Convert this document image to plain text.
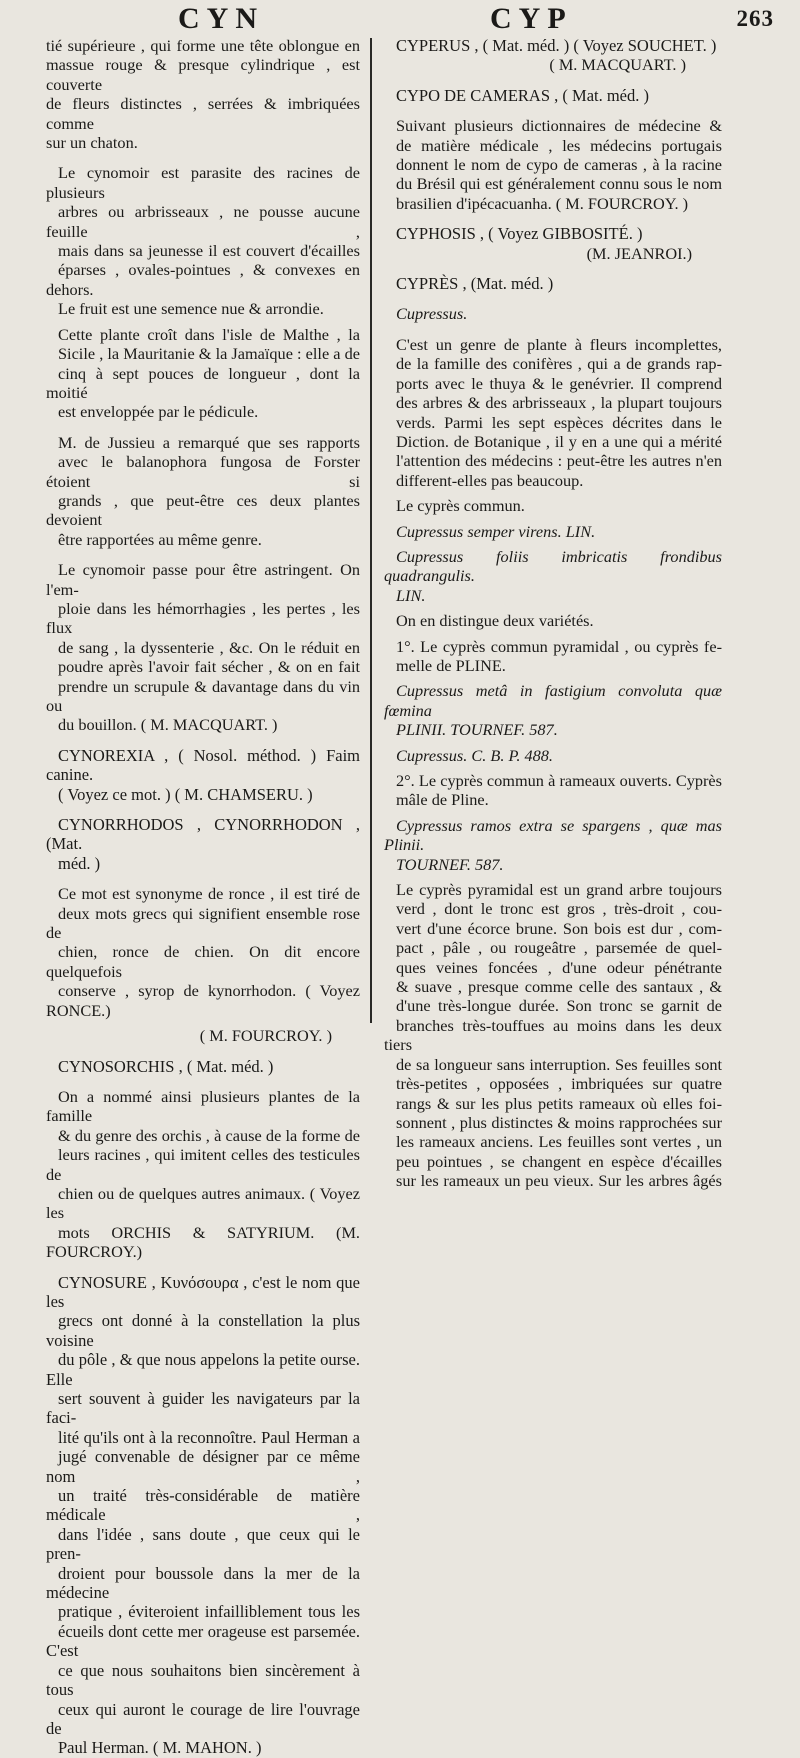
CYN	CYP	263

tié supérieure , qui forme une tête oblongue en
massue rouge & presque cylindrique , est couverte
de fleurs distinctes , serrées & imbriquées comme
sur un chaton.

Le cynomoir est parasite des racines de plusieurs
arbres ou arbrisseaux , ne pousse aucune feuille ,
mais dans sa jeunesse il est couvert d'écailles
éparses , ovales-pointues , & convexes en dehors.
Le fruit est une semence nue & arrondie.

Cette plante croît dans l'isle de Malthe , la
Sicile , la Mauritanie & la Jamaïque : elle a de
cinq à sept pouces de longueur , dont la moitié
est enveloppée par le pédicule.

M. de Jussieu a remarqué que ses rapports
avec le balanophora fungosa de Forster étoient si
grands , que peut-être ces deux plantes devoient
être rapportées au même genre.

Le cynomoir passe pour être astringent. On l'em-
ploie dans les hémorrhagies , les pertes , les flux
de sang , la dyssenterie , &c. On le réduit en
poudre après l'avoir fait sécher , & on en fait
prendre un scrupule & davantage dans du vin ou
du bouillon. ( M. MACQUART. )

CYNOREXIA , ( Nosol. méthod. ) Faim canine.
( Voyez ce mot. ) ( M. CHAMSERU. )

CYNORRHODOS , CYNORRHODON , (Mat.
méd. )

Ce mot est synonyme de ronce , il est tiré de
deux mots grecs qui signifient ensemble rose de
chien, ronce de chien. On dit encore quelquefois
conserve , syrop de kynorrhodon. ( Voyez RONCE.)

( M. FOURCROY. )

CYNOSORCHIS , ( Mat. méd. )

On a nommé ainsi plusieurs plantes de la famille
& du genre des orchis , à cause de la forme de
leurs racines , qui imitent celles des testicules de
chien ou de quelques autres animaux. ( Voyez les
mots ORCHIS & SATYRIUM. (M. FOURCROY.)

CYNOSURE , Κυνόσουρα , c'est le nom que les
grecs ont donné à la constellation la plus voisine
du pôle , & que nous appelons la petite ourse. Elle
sert souvent à guider les navigateurs par la faci-
lité qu'ils ont à la reconnoître. Paul Herman a
jugé convenable de désigner par ce même nom ,
un traité très-considérable de matière médicale ,
dans l'idée , sans doute , que ceux qui le pren-
droient pour boussole dans la mer de la médecine
pratique , éviteroient infailliblement tous les
écueils dont cette mer orageuse est parsemée. C'est
ce que nous souhaitons bien sincèrement à tous
ceux qui auront le courage de lire l'ouvrage de
Paul Herman. ( M. MAHON. )

CYPERUS , ( Mat. méd. ) ( Voyez SOUCHET. )

( M. MACQUART. )

CYPO DE CAMERAS , ( Mat. méd. )

Suivant plusieurs dictionnaires de médecine &
de matière médicale , les médecins portugais
donnent le nom de cypo de cameras , à la racine
du Brésil qui est généralement connu sous le nom
brasilien d'ipécacuanha. ( M. FOURCROY. )

CYPHOSIS , ( Voyez GIBBOSITÉ. )

(M. JEANROI.)

CYPRÈS , (Mat. méd. )

Cupressus.

C'est un genre de plante à fleurs incomplettes,
de la famille des conifères , qui a de grands rap-
ports avec le thuya & le genévrier. Il comprend
des arbres & des arbrisseaux , la plupart toujours
verds. Parmi les sept espèces décrites dans le
Diction. de Botanique , il y en a une qui a mérité
l'attention des médecins : peut-être les autres n'en
different-elles pas beaucoup.

Le cyprès commun.

Cupressus semper virens. LIN.

Cupressus foliis imbricatis frondibus quadrangulis.
LIN.

On en distingue deux variétés.

1°. Le cyprès commun pyramidal , ou cyprès fe-
melle de PLINE.

Cupressus metâ in fastigium convoluta quæ fœmina
PLINII. TOURNEF. 587.

Cupressus. C. B. P. 488.

2°. Le cyprès commun à rameaux ouverts. Cyprès
mâle de Pline.

Cypressus ramos extra se spargens , quæ mas Plinii.
TOURNEF. 587.

Le cyprès pyramidal est un grand arbre toujours
verd , dont le tronc est gros , très-droit , cou-
vert d'une écorce brune. Son bois est dur , com-
pact , pâle , ou rougeâtre , parsemée de quel-
ques veines foncées , d'une odeur pénétrante
& suave , presque comme celle des santaux , &
d'une très-longue durée. Son tronc se garnit de
branches très-touffues au moins dans les deux tiers
de sa longueur sans interruption. Ses feuilles sont
très-petites , opposées , imbriquées sur quatre
rangs & sur les plus petits rameaux où elles foi-
sonnent , plus distinctes & moins rapprochées sur
les rameaux anciens. Les feuilles sont vertes , un
peu pointues , se changent en espèce d'écailles
sur les rameaux un peu vieux. Sur les arbres âgés
